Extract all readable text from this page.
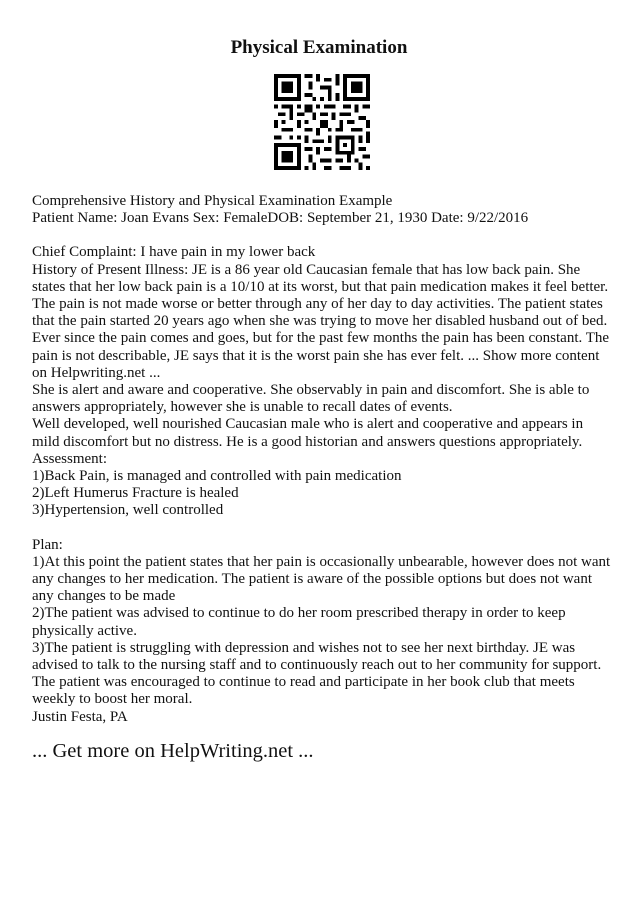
Physical Examination

Comprehensive History and Physical Examination Example

Patient Name: Joan Evans Sex: FemaleDOB: September 21, 1930 Date: 9/22/2016

Chief Complaint: I have pain in my lower back

History of Present Illness: JE is a 86 year old Caucasian female that has low back pain. She states that her low back pain is a 10/10 at its worst, but that pain medication makes it feel better. The pain is not made worse or better through any of her day to day activities. The patient states that the pain started 20 years ago when she was trying to move her disabled husband out of bed. Ever since the pain comes and goes, but for the past few months the pain has been constant. The pain is not describable, JE says that it is the worst pain she has ever felt. ... Show more content on Helpwriting.net ...

She is alert and aware and cooperative. She observably in pain and discomfort. She is able to answers appropriately, however she is unable to recall dates of events.

Well developed, well nourished Caucasian male who is alert and cooperative and appears in mild discomfort but no distress. He is a good historian and answers questions appropriately.

Assessment:

1)Back Pain, is managed and controlled with pain medication

2)Left Humerus Fracture is healed

3)Hypertension, well controlled

Plan:

1)At this point the patient states that her pain is occasionally unbearable, however does not want any changes to her medication. The patient is aware of the possible options but does not want any changes to be made

2)The patient was advised to continue to do her room prescribed therapy in order to keep physically active.

3)The patient is struggling with depression and wishes not to see her next birthday. JE was advised to talk to the nursing staff and to continuously reach out to her community for support. The patient was encouraged to continue to read and participate in her book club that meets weekly to boost her moral.

Justin Festa, PA

... Get more on HelpWriting.net ...
